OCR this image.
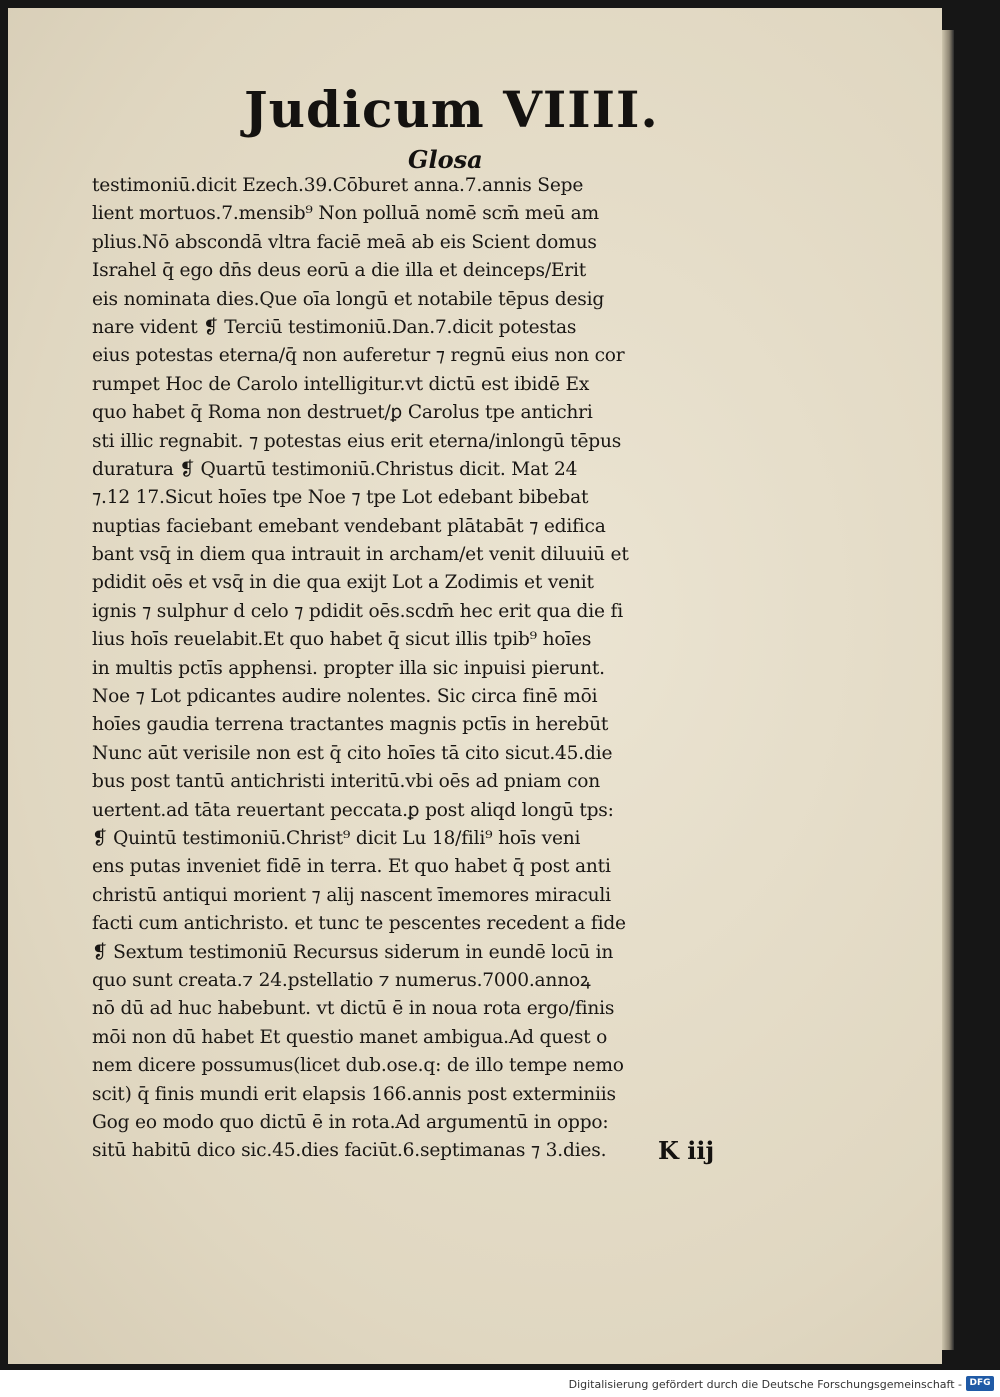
Judicum VIIII.
Glosa
testimoniū.dicit Ezech.39.Cōburet anna.7.annis Sepe
lient mortuos.7.mensib⁹ Non polluā nomē scm̄ meū am
plius.Nō abscondā vltra faciē meā ab eis Scient domus
Israhel q̄ ego dn̄s deus eorū a die illa et deinceps/Erit
eis nominata dies.Que oīa longū et notabile tēpus desig
nare vident ❡ Terciū testimoniū.Dan.7.dicit potestas
eius potestas eterna/q̄ non auferetur ⁊ regnū eius non cor
rumpet Hoc de Carolo intelligitur.vt dictū est ibidē Ex
quo habet q̄ Roma non destruet/ꝑ Carolus tpe antichri
sti illic regnabit. ⁊ potestas eius erit eterna/inlongū tēpus
duratura ❡ Quartū testimoniū.Christus dicit. Mat 24
⁊.12 17.Sicut hoīes tpe Noe ⁊ tpe Lot edebant bibebat
nuptias faciebant emebant vendebant plātabāt ⁊ edifica
bant vsq̄ in diem qua intrauit in archam/et venit diluuiū et
pdidit oēs et vsq̄ in die qua exijt Lot a Zodimis et venit
ignis ⁊ sulphur d celo ⁊ pdidit oēs.scdm̄ hec erit qua die fi
lius hoīs reuelabit.Et quo habet q̄ sicut illis tpib⁹ hoīes
in multis pctīs apphensi. propter illa sic inpuisi pierunt.
Noe ⁊ Lot pdicantes audire nolentes. Sic circa finē mōi
hoīes gaudia terrena tractantes magnis pctīs in herebūt
Nunc aūt verisile non est q̄ cito hoīes tā cito sicut.45.die
bus post tantū antichristi interitū.vbi oēs ad pniam con
uertent.ad tāta reuertant peccata.ꝑ post aliqd longū tps:
❡ Quintū testimoniū.Christ⁹ dicit Lu 18/fili⁹ hoīs veni
ens putas inveniet fidē in terra. Et quo habet q̄ post anti
christū antiqui morient ⁊ alij nascent īmemores miraculi
facti cum antichristo. et tunc te pescentes recedent a fide
❡ Sextum testimoniū Recursus siderum in eundē locū in
quo sunt creata.⁊ 24.pstellatio ⁊ numerus.7000.annoꝝ
nō dū ad huc habebunt. vt dictū ē in noua rota ergo/finis
mōi non dū habet Et questio manet ambigua.Ad quest o
nem dicere possumus(licet dub.ose.q: de illo tempe nemo
scit) q̄ finis mundi erit elapsis 166.annis post exterminiis
Gog eo modo quo dictū ē in rota.Ad argumentū in oppo:
sitū habitū dico sic.45.dies faciūt.6.septimanas ⁊ 3.dies.	K iij
Digitalisierung gefördert durch die Deutsche Forschungsgemeinschaft - DFG
